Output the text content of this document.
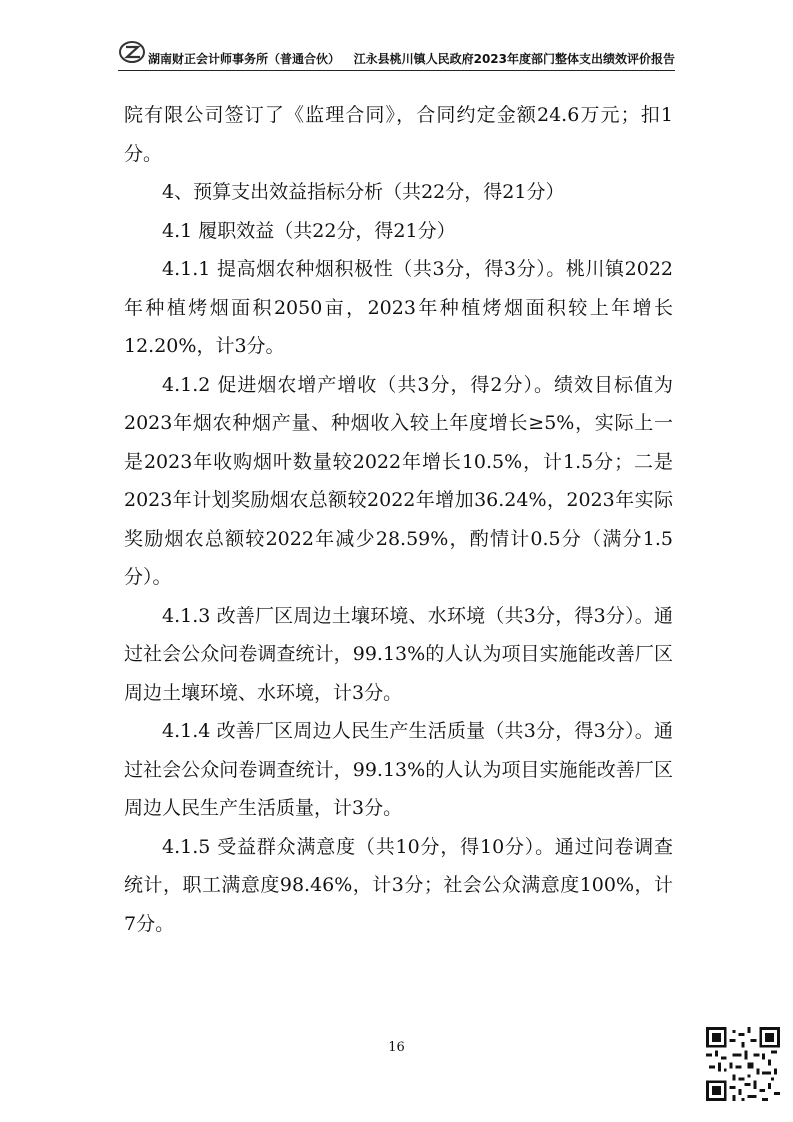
湖南财正会计师事务所（普通合伙） 江永县桃川镇人民政府2023年度部门整体支出绩效评价报告

院有限公司签订了《监理合同》，合同约定金额24.6万元；扣1分。

4、预算支出效益指标分析（共22分，得21分）

4.1 履职效益（共22分，得21分）

4.1.1 提高烟农种烟积极性（共3分，得3分）。桃川镇2022年种植烤烟面积2050亩，2023年种植烤烟面积较上年增长12.20%，计3分。

4.1.2 促进烟农增产增收（共3分，得2分）。绩效目标值为2023年烟农种烟产量、种烟收入较上年度增长≥5%，实际上一是2023年收购烟叶数量较2022年增长10.5%，计1.5分；二是2023年计划奖励烟农总额较2022年增加36.24%，2023年实际奖励烟农总额较2022年减少28.59%，酌情计0.5分（满分1.5分）。

4.1.3 改善厂区周边土壤环境、水环境（共3分，得3分）。通过社会公众问卷调查统计，99.13%的人认为项目实施能改善厂区周边土壤环境、水环境，计3分。

4.1.4 改善厂区周边人民生产生活质量（共3分，得3分）。通过社会公众问卷调查统计，99.13%的人认为项目实施能改善厂区周边人民生产生活质量，计3分。

4.1.5 受益群众满意度（共10分，得10分）。通过问卷调查统计，职工满意度98.46%，计3分；社会公众满意度100%，计7分。

16
